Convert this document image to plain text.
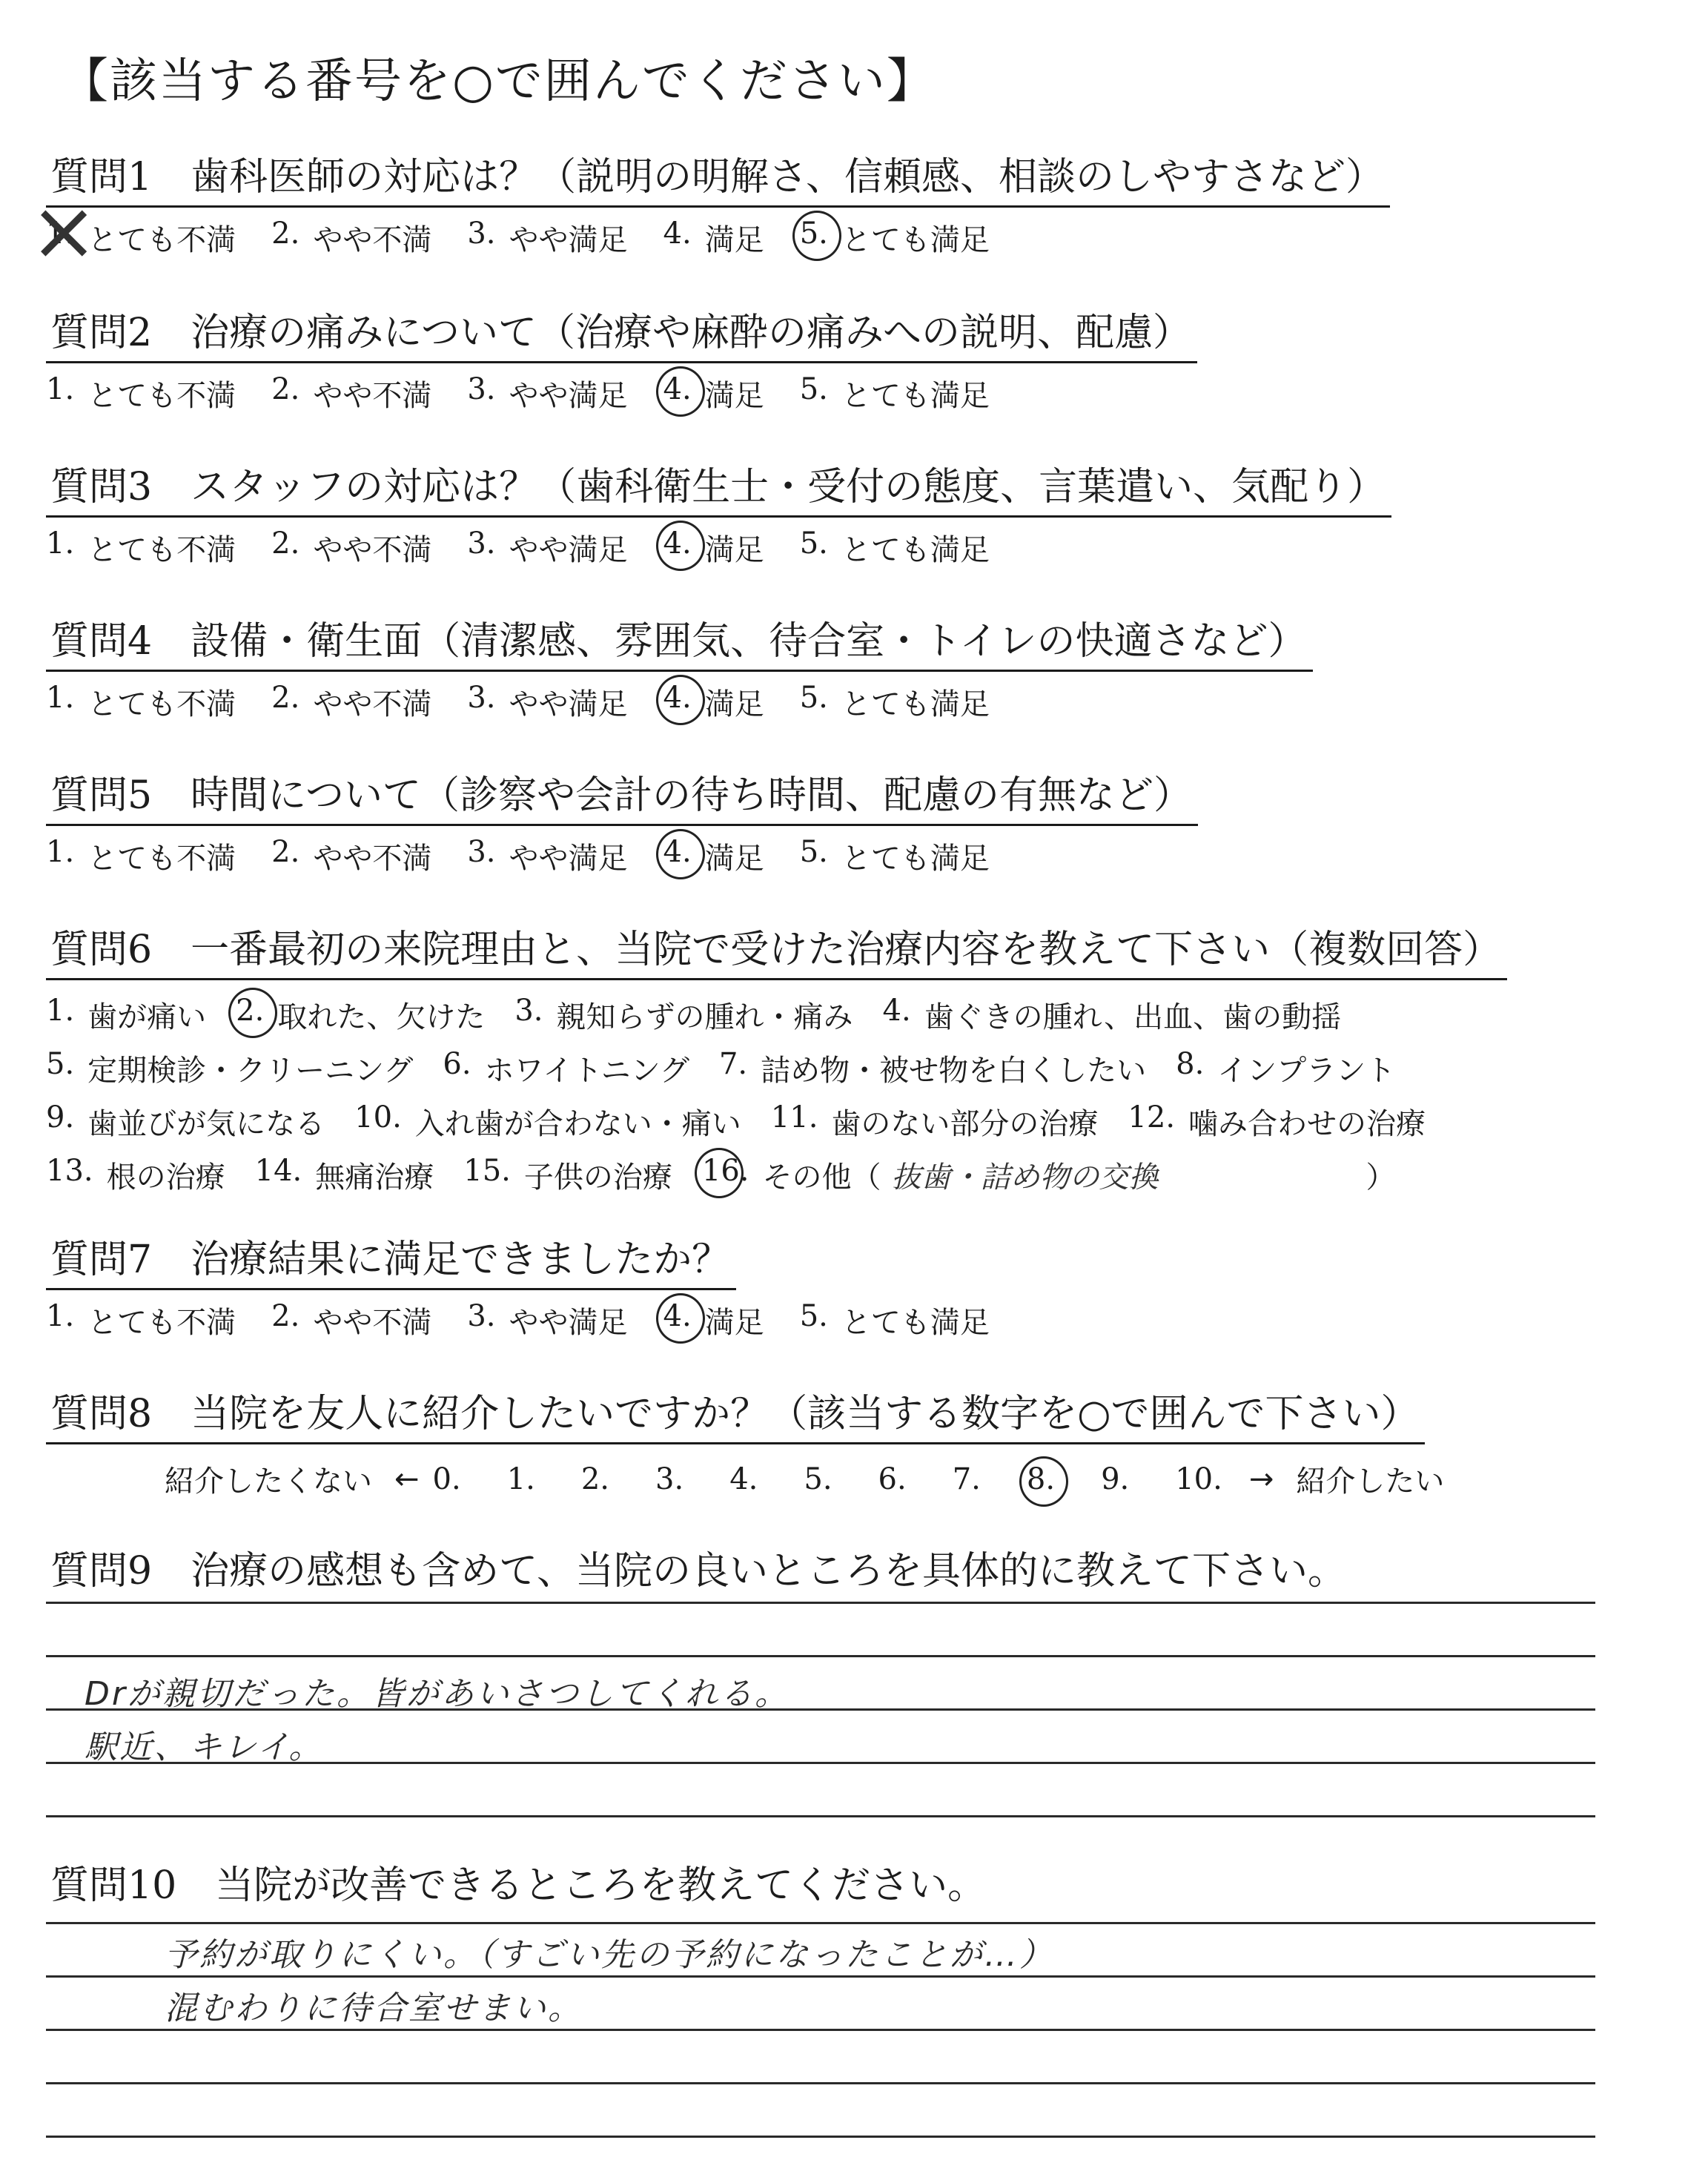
【該当する番号を○で囲んでください】
質問1 歯科医師の対応は？（説明の明解さ、信頼感、相談のしやすさなど）
× 1. とても不満 2. やや不満 3. やや満足 4. 満足 5. とても満足
質問2 治療の痛みについて（治療や麻酔の痛みへの説明、配慮）
1. とても不満 2. やや不満 3. やや満足 4. 満足 5. とても満足
質問3 スタッフの対応は？（歯科衛生士・受付の態度、言葉遣い、気配り）
1. とても不満 2. やや不満 3. やや満足 4. 満足 5. とても満足
質問4 設備・衛生面（清潔感、雰囲気、待合室・トイレの快適さなど）
1. とても不満 2. やや不満 3. やや満足 4. 満足 5. とても満足
質問5 時間について（診察や会計の待ち時間、配慮の有無など）
1. とても不満 2. やや不満 3. やや満足 4. 満足 5. とても満足
質問6 一番最初の来院理由と、当院で受けた治療内容を教えて下さい（複数回答）
1. 歯が痛い 2. 取れた、欠けた 3. 親知らずの腫れ・痛み 4. 歯ぐきの腫れ、出血、歯の動揺
5. 定期検診・クリーニング 6. ホワイトニング 7. 詰め物・被せ物を白くしたい 8. インプラント
9. 歯並びが気になる 10. 入れ歯が合わない・痛い 11. 歯のない部分の治療 12. 噛み合わせの治療
13. 根の治療 14. 無痛治療 15. 子供の治療 16. その他（ 抜歯・詰め物の交換	）
質問7 治療結果に満足できましたか？
1. とても不満 2. やや不満 3. やや満足 4. 満足 5. とても満足
質問8 当院を友人に紹介したいですか？（該当する数字を○で囲んで下さい）
紹介したくない ← 0. 1. 2. 3. 4. 5. 6. 7. 8. 9. 10. → 紹介したい
質問9 治療の感想も含めて、当院の良いところを具体的に教えて下さい。
Drが親切だった。皆があいさつしてくれる。
駅近、キレイ。
質問10 当院が改善できるところを教えてください。
予約が取りにくい。（すごい先の予約になったことが…）
混むわりに待合室せまい。
